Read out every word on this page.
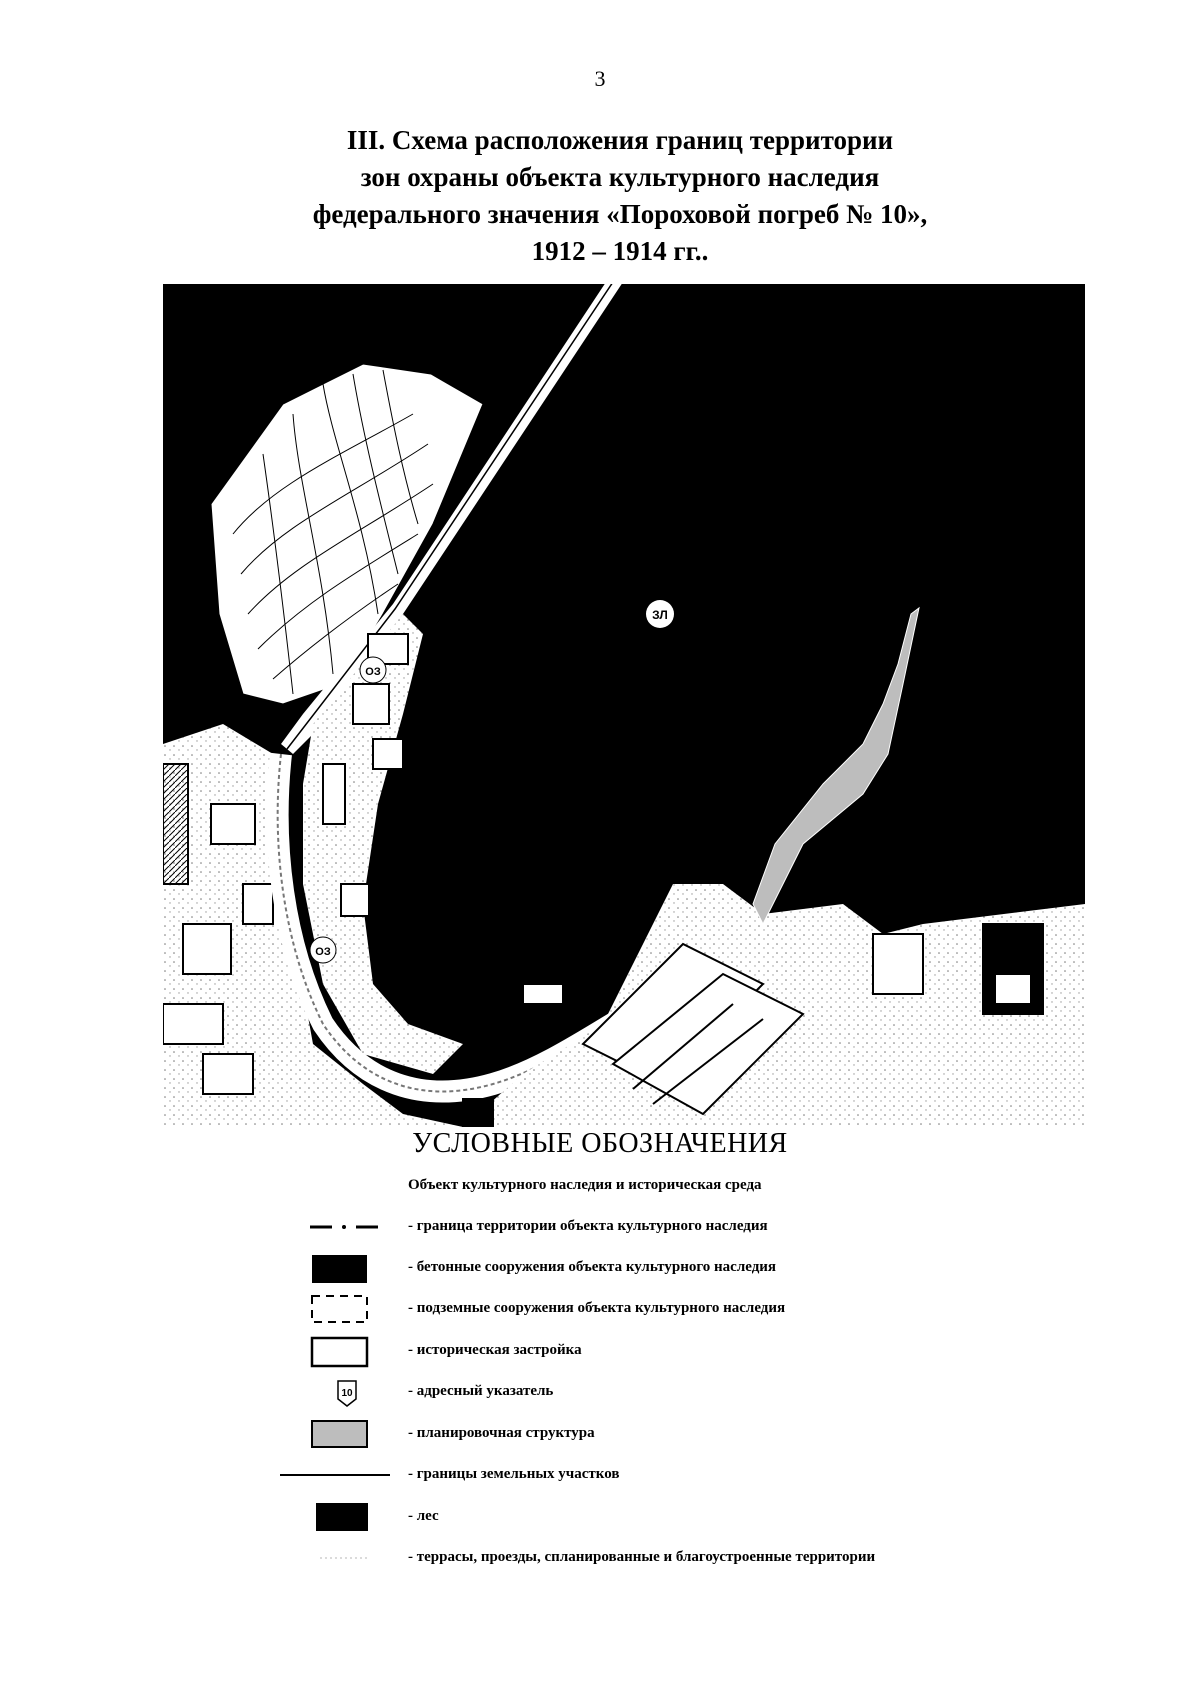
3
III. Схема расположения границ территории
зон охраны объекта культурного наследия
федерального значения «Пороховой погреб № 10»,
1912 – 1914 гг..
ЗЛ
ОЗ
ОЗ
УСЛОВНЫЕ ОБОЗНАЧЕНИЯ
Объект культурного наследия и историческая среда
- граница территории объекта культурного наследия
- бетонные сооружения объекта культурного наследия
- подземные сооружения объекта культурного наследия
- историческая застройка
10	- адресный указатель
- планировочная структура
- границы земельных участков
- лес
- террасы, проезды, спланированные и благоустроенные территории
